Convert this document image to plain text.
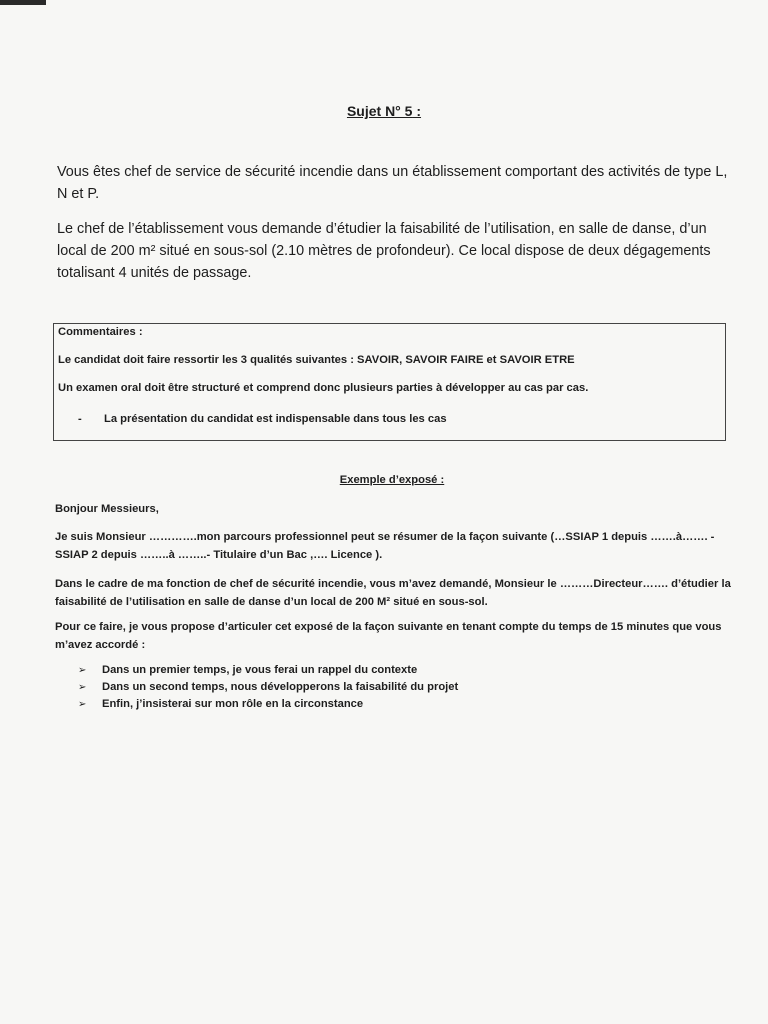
Sujet N° 5 :

Vous êtes chef de service de sécurité incendie dans un établissement comportant des activités de type L, N et P.

Le chef de l’établissement vous demande d’étudier la faisabilité de l’utilisation, en salle de danse, d’un local de 200 m² situé en sous-sol (2.10 mètres de profondeur). Ce local dispose de deux dégagements totalisant 4 unités de passage.

Commentaires :
Le candidat doit faire ressortir les 3 qualités suivantes : SAVOIR, SAVOIR FAIRE et SAVOIR ETRE
Un examen oral doit être structuré et comprend donc plusieurs parties à développer au cas par cas.
- La présentation du candidat est indispensable dans tous les cas
Exemple d’exposé :

Bonjour Messieurs,

Je suis Monsieur ………….mon parcours professionnel peut se résumer de la façon suivante (…SSIAP 1 depuis …….à……. - SSIAP 2 depuis ……..à ……..- Titulaire d’un Bac ,…. Licence ).

Dans le cadre de ma fonction de chef de sécurité incendie, vous m’avez demandé, Monsieur le ………Directeur……. d’étudier la faisabilité de l’utilisation en salle de danse d’un local de 200 M² situé en sous-sol.

Pour ce faire, je vous propose d’articuler cet exposé de la façon suivante en tenant compte du temps de 15 minutes que vous m’avez accordé :

➢ Dans un premier temps, je vous ferai un rappel du contexte
➢ Dans un second temps, nous développerons la faisabilité du projet
➢ Enfin, j’insisterai sur mon rôle en la circonstance
